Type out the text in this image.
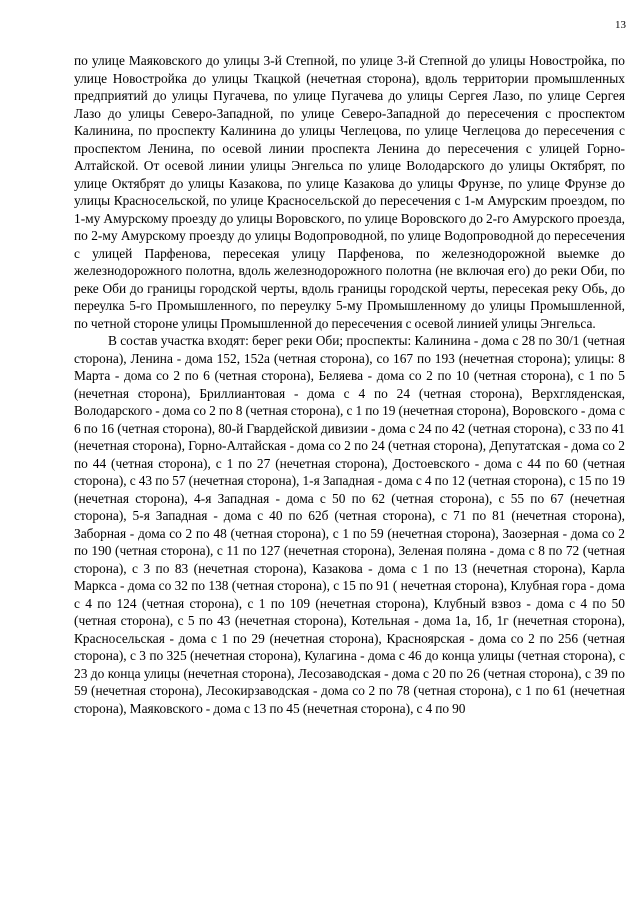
13

по улице Маяковского до улицы 3-й Степной, по улице 3-й Степной до улицы Новостройка, по улице Новостройка до улицы Ткацкой (нечетная сторона), вдоль территории промышленных предприятий до улицы Пугачева, по улице Пугачева до улицы Сергея Лазо, по улице Сергея Лазо до улицы Северо-Западной, по улице Северо-Западной до пересечения с проспектом Калинина, по проспекту Калинина до улицы Чеглецова, по улице Чеглецова до пересечения с проспектом Ленина, по осевой линии проспекта Ленина до пересечения с улицей Горно-Алтайской. От осевой линии улицы Энгельса по улице Володарского до улицы Октябрят, по улице Октябрят до улицы Казакова, по улице Казакова до улицы Фрунзе, по улице Фрунзе до улицы Красносельской, по улице Красносельской до пересечения с 1-м Амурским проездом, по 1-му Амурскому проезду до улицы Воровского, по улице Воровского до 2-го Амурского проезда, по 2-му Амурскому проезду до улицы Водопроводной, по улице Водопроводной до пересечения с улицей Парфенова, пересекая улицу Парфенова, по железнодорожной выемке до железнодорожного полотна, вдоль железнодорожного полотна (не включая его) до реки Оби, по реке Оби до границы городской черты, вдоль границы городской черты, пересекая реку Обь, до переулка 5-го Промышленного, по переулку 5-му Промышленному до улицы Промышленной, по четной стороне улицы Промышленной до пересечения с осевой линией улицы Энгельса.

В состав участка входят: берег реки Оби; проспекты: Калинина - дома с 28 по 30/1 (четная сторона), Ленина - дома 152, 152а (четная сторона), со 167 по 193 (нечетная сторона); улицы: 8 Марта - дома со 2 по 6 (четная сторона), Беляева - дома со 2 по 10 (четная сторона), с 1 по 5 (нечетная сторона), Бриллиантовая - дома с 4 по 24 (четная сторона), Верхглядeнская, Володарского - дома со 2 по 8 (четная сторона), с 1 по 19 (нечетная сторона), Воровского - дома с 6 по 16 (четная сторона), 80-й Гвардейской дивизии - дома с 24 по 42 (четная сторона), с 33 по 41 (нечетная сторона), Горно-Алтайская - дома со 2 по 24 (четная сторона), Депутатская - дома со 2 по 44 (четная сторона), с 1 по 27 (нечетная сторона), Достоевского - дома с 44 по 60 (четная сторона), с 43 по 57 (нечетная сторона), 1-я Западная - дома с 4 по 12 (четная сторона), с 15 по 19 (нечетная сторона), 4-я Западная - дома с 50 по 62 (четная сторона), с 55 по 67 (нечетная сторона), 5-я Западная - дома с 40 по 62б (четная сторона), с 71 по 81 (нечетная сторона), Заборная - дома со 2 по 48 (четная сторона), с 1 по 59 (нечетная сторона), Заозерная - дома со 2 по 190 (четная сторона), с 11 по 127 (нечетная сторона), Зеленая поляна - дома с 8 по 72 (четная сторона), с 3 по 83 (нечетная сторона), Казакова - дома с 1 по 13 (нечетная сторона), Карла Маркса - дома со 32 по 138 (четная сторона), с 15 по 91 ( нечетная сторона), Клубная гора - дома с 4 по 124 (четная сторона), с 1 по 109 (нечетная сторона), Клубный взвоз - дома с 4 по 50 (четная сторона), с 5 по 43 (нечетная сторона), Котельная - дома 1а, 1б, 1г (нечетная сторона), Красносельская - дома с 1 по 29 (нечетная сторона), Красноярская - дома со 2 по 256 (четная сторона), с 3 по 325 (нечетная сторона), Кулагина - дома с 46 до конца улицы (четная сторона), с 23 до конца улицы (нечетная сторона), Лесозаводская - дома с 20 по 26 (четная сторона), с 39 по 59 (нечетная сторона), Лесокирзаводская - дома со 2 по 78 (четная сторона), с 1 по 61 (нечетная сторона), Маяковского - дома с 13 по 45 (нечетная сторона), с 4 по 90
